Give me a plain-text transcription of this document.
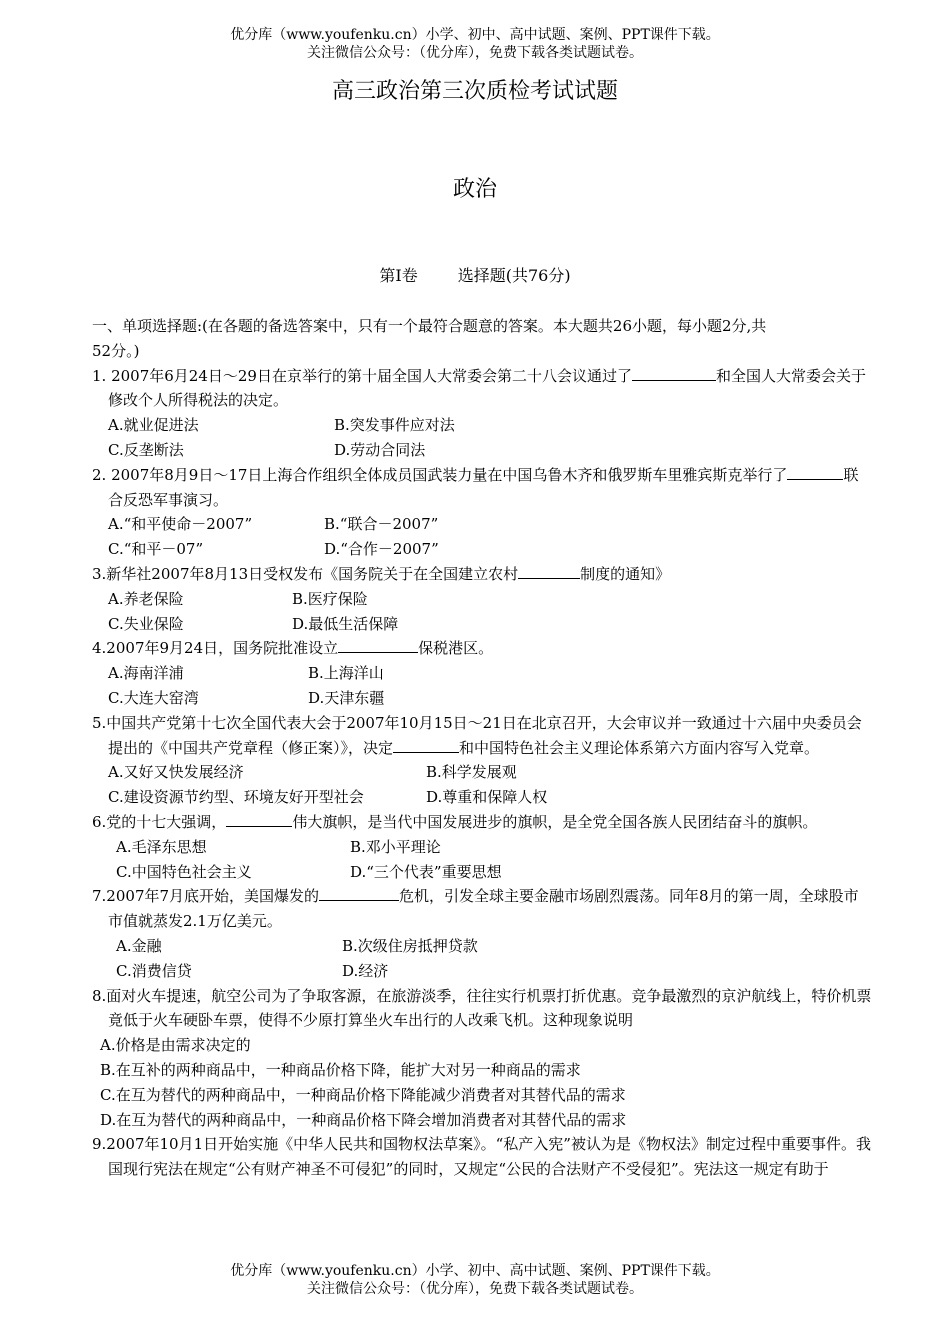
优分库（www.youfenku.cn）小学、初中、高中试题、案例、PPT课件下载。
关注微信公众号：（优分库），免费下载各类试题试卷。
高三政治第三次质检考试试题
政治
第Ⅰ卷	选择题(共76分)

一、单项选择题:(在各题的备选答案中，只有一个最符合题意的答案。本大题共26小题，每小题2分,共

52分。)

1. 2007年6月24日～29日在京举行的第十届全国人大常委会第二十八会议通过了	和全国人大常委会关于修改个人所得税法的决定。

A.就业促进法	B.突发事件应对法
C.反垄断法	D.劳动合同法

2. 2007年8月9日～17日上海合作组织全体成员国武装力量在中国乌鲁木齐和俄罗斯车里雅宾斯克举行了	联合反恐军事演习。

A.“和平使命－2007”	B.“联合－2007”
C.“和平－07”	D.“合作－2007”

3.新华社2007年8月13日受权发布《国务院关于在全国建立农村	制度的通知》

A.养老保险	B.医疗保险
C.失业保险	D.最低生活保障

4.2007年9月24日，国务院批准设立	保税港区。

A.海南洋浦	B.上海洋山
C.大连大窑湾	D.天津东疆

5.中国共产党第十七次全国代表大会于2007年10月15日～21日在北京召开，大会审议并一致通过十六届中央委员会提出的《中国共产党章程（修正案）》，决定	和中国特色社会主义理论体系第六方面内容写入党章。

A.又好又快发展经济	B.科学发展观
C.建设资源节约型、环境友好开型社会	D.尊重和保障人权

6.党的十七大强调，	伟大旗帜，是当代中国发展进步的旗帜，是全党全国各族人民团结奋斗的旗帜。

A.毛泽东思想	B.邓小平理论
C.中国特色社会主义	D.“三个代表”重要思想

7.2007年7月底开始，美国爆发的	危机，引发全球主要金融市场剧烈震荡。同年8月的第一周，全球股市市值就蒸发2.1万亿美元。

A.金融	B.次级住房抵押贷款
C.消费信贷	D.经济

8.面对火车提速，航空公司为了争取客源，在旅游淡季，往往实行机票打折优惠。竞争最激烈的京沪航线上，特价机票竟低于火车硬卧车票，使得不少原打算坐火车出行的人改乘飞机。这种现象说明

A.价格是由需求决定的

B.在互补的两种商品中，一种商品价格下降，能扩大对另一种商品的需求

C.在互为替代的两种商品中，一种商品价格下降能减少消费者对其替代品的需求

D.在互为替代的两种商品中，一种商品价格下降会增加消费者对其替代品的需求

9.2007年10月1日开始实施《中华人民共和国物权法草案》。“私产入宪”被认为是《物权法》制定过程中重要事件。我国现行宪法在规定“公有财产神圣不可侵犯”的同时，又规定“公民的合法财产不受侵犯”。宪法这一规定有助于

优分库（www.youfenku.cn）小学、初中、高中试题、案例、PPT课件下载。
关注微信公众号：（优分库），免费下载各类试题试卷。
